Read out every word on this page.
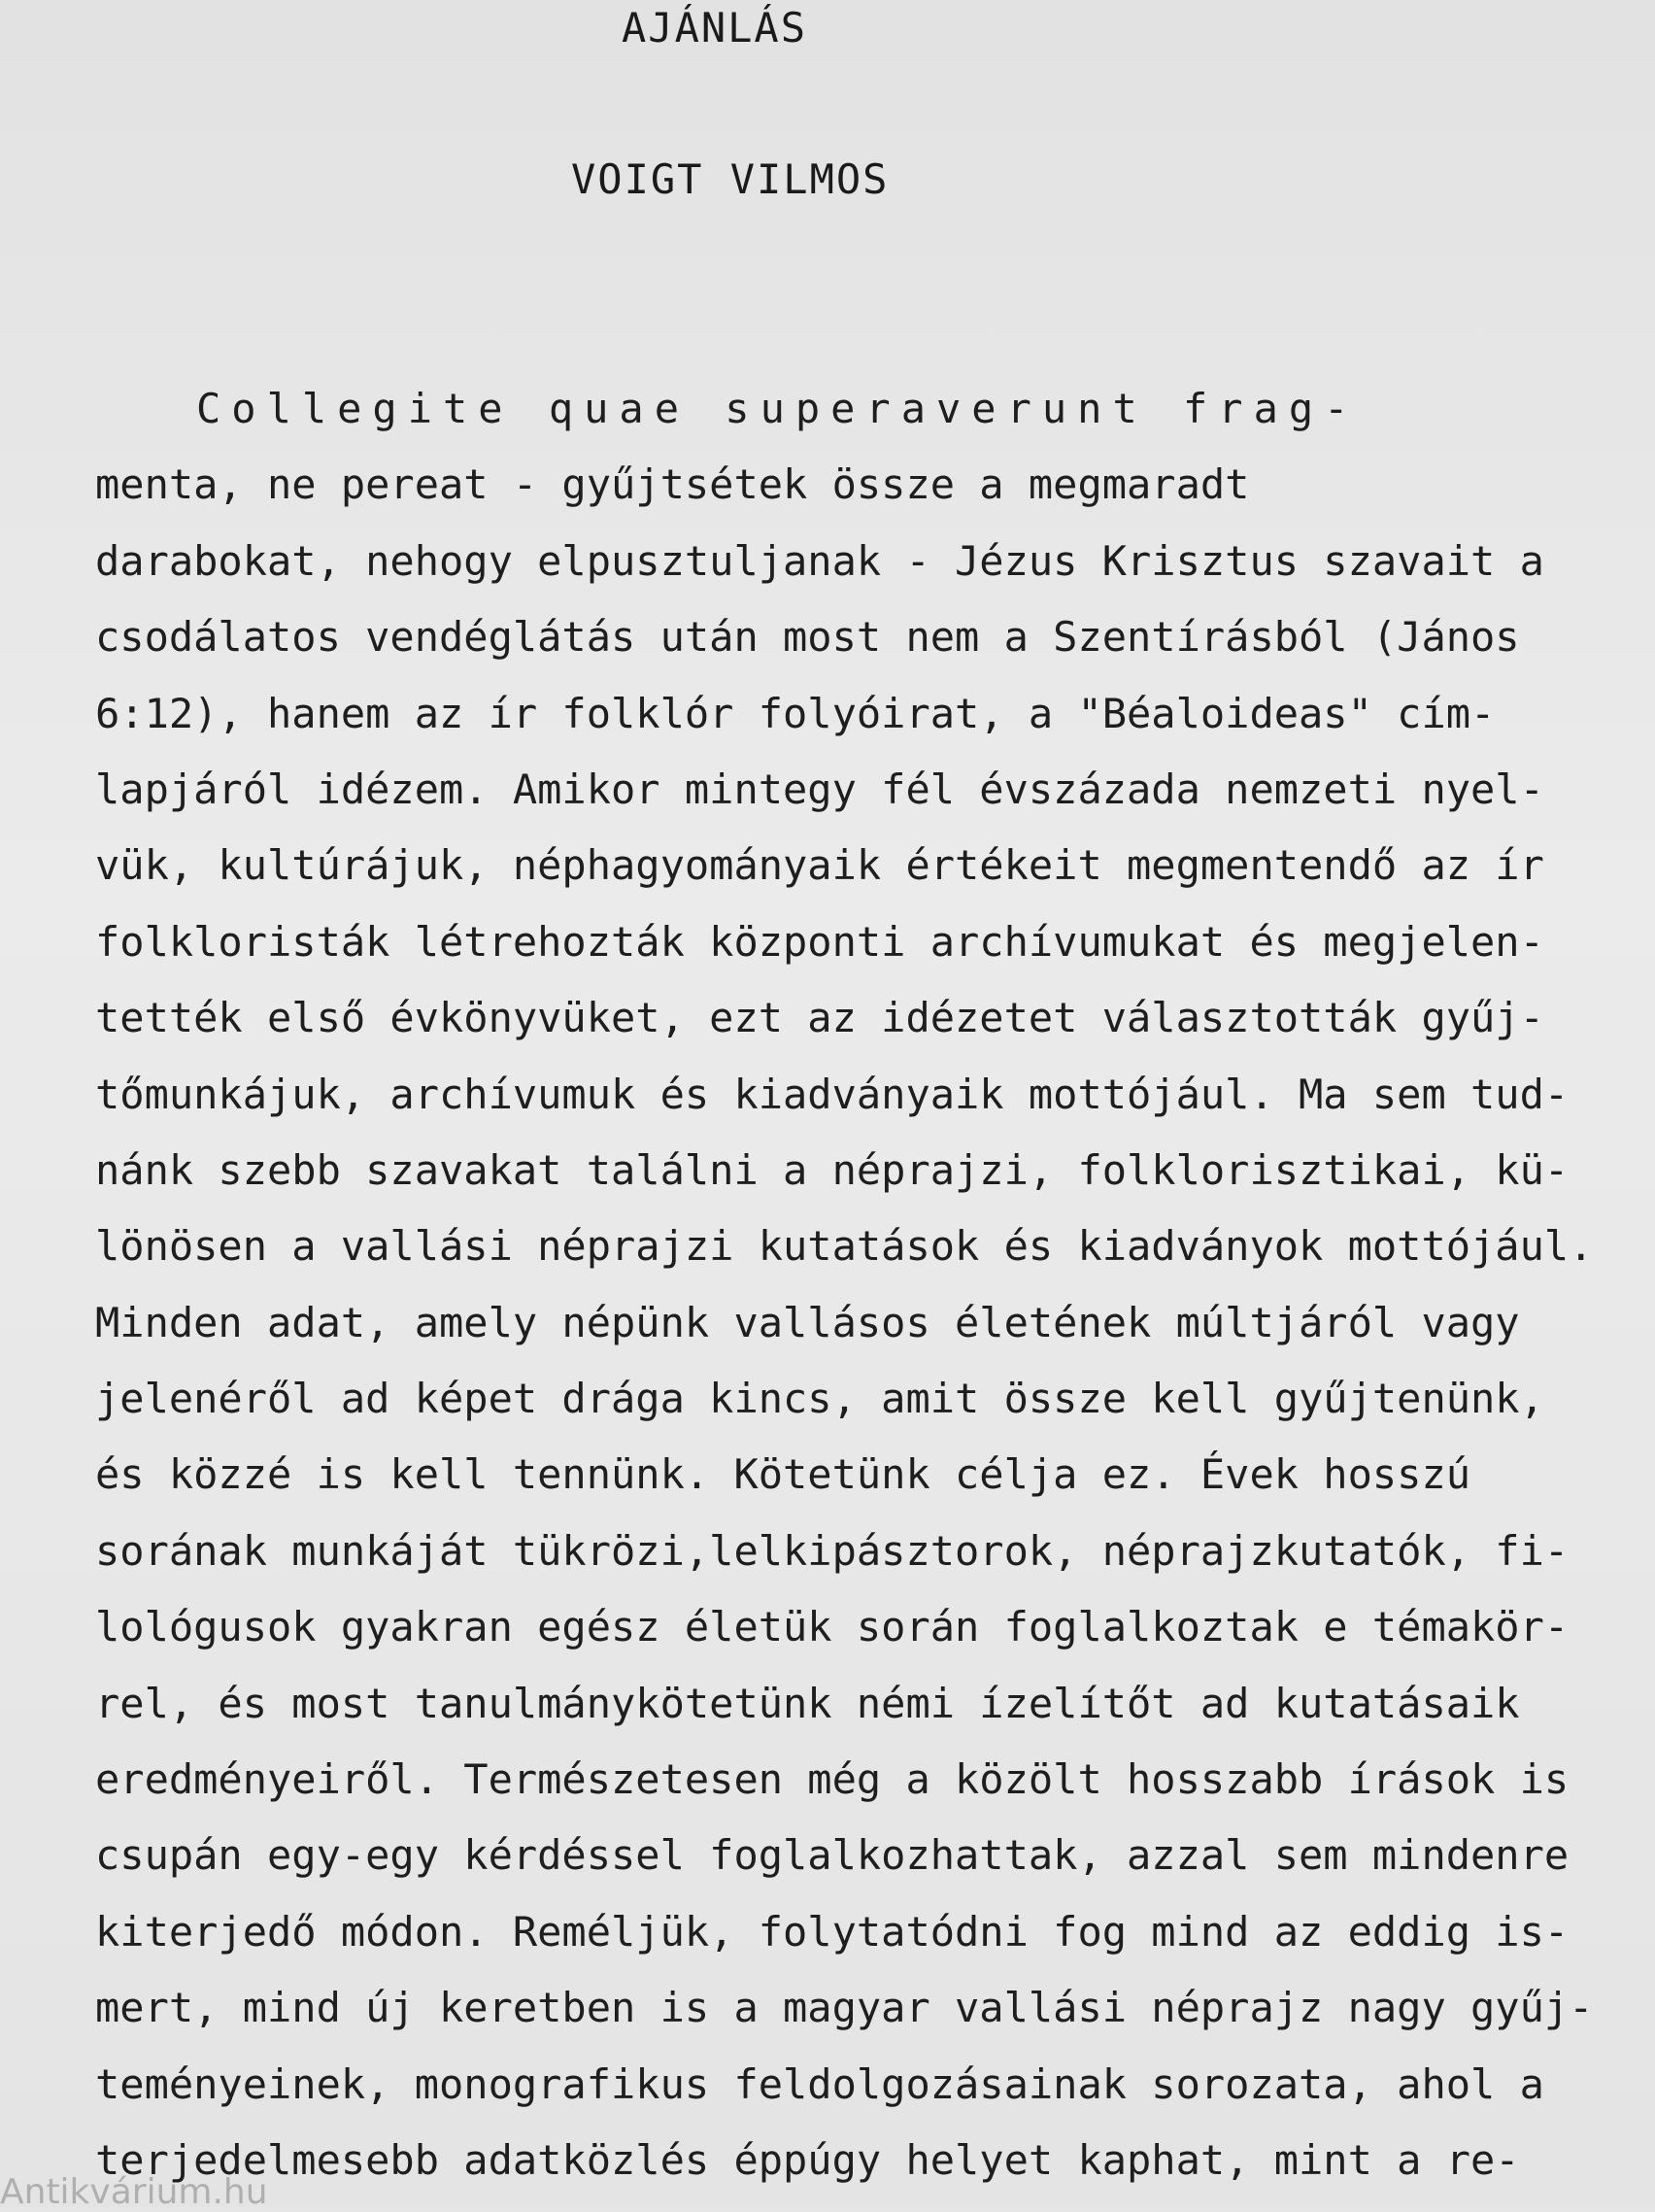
AJÁNLÁS
VOIGT VILMOS
Collegite quae superaverunt frag-
menta, ne pereat - gyűjtsétek össze a megmaradt
darabokat, nehogy elpusztuljanak - Jézus Krisztus szavait a
csodálatos vendéglátás után most nem a Szentírásból (János
6:12), hanem az ír folklór folyóirat, a "Béaloideas" cím-
lapjáról idézem. Amikor mintegy fél évszázada nemzeti nyel-
vük, kultúrájuk, néphagyományaik értékeit megmentendő az ír
folkloristák létrehozták központi archívumukat és megjelen-
tették első évkönyvüket, ezt az idézetet választották gyűj-
tőmunkájuk, archívumuk és kiadványaik mottójául. Ma sem tud-
nánk szebb szavakat találni a néprajzi, folklorisztikai, kü-
lönösen a vallási néprajzi kutatások és kiadványok mottójául.
Minden adat, amely népünk vallásos életének múltjáról vagy
jelenéről ad képet drága kincs, amit össze kell gyűjtenünk,
és közzé is kell tennünk. Kötetünk célja ez. Évek hosszú
sorának munkáját tükrözi,lelkipásztorok, néprajzkutatók, fi-
lológusok gyakran egész életük során foglalkoztak e témakör-
rel, és most tanulmánykötetünk némi ízelítőt ad kutatásaik
eredményeiről. Természetesen még a közölt hosszabb írások is
csupán egy-egy kérdéssel foglalkozhattak, azzal sem mindenre
kiterjedő módon. Reméljük, folytatódni fog mind az eddig is-
mert, mind új keretben is a magyar vallási néprajz nagy gyűj-
teményeinek, monografikus feldolgozásainak sorozata, ahol a
terjedelmesebb adatközlés éppúgy helyet kaphat, mint a re-
Antikvárium.hu
